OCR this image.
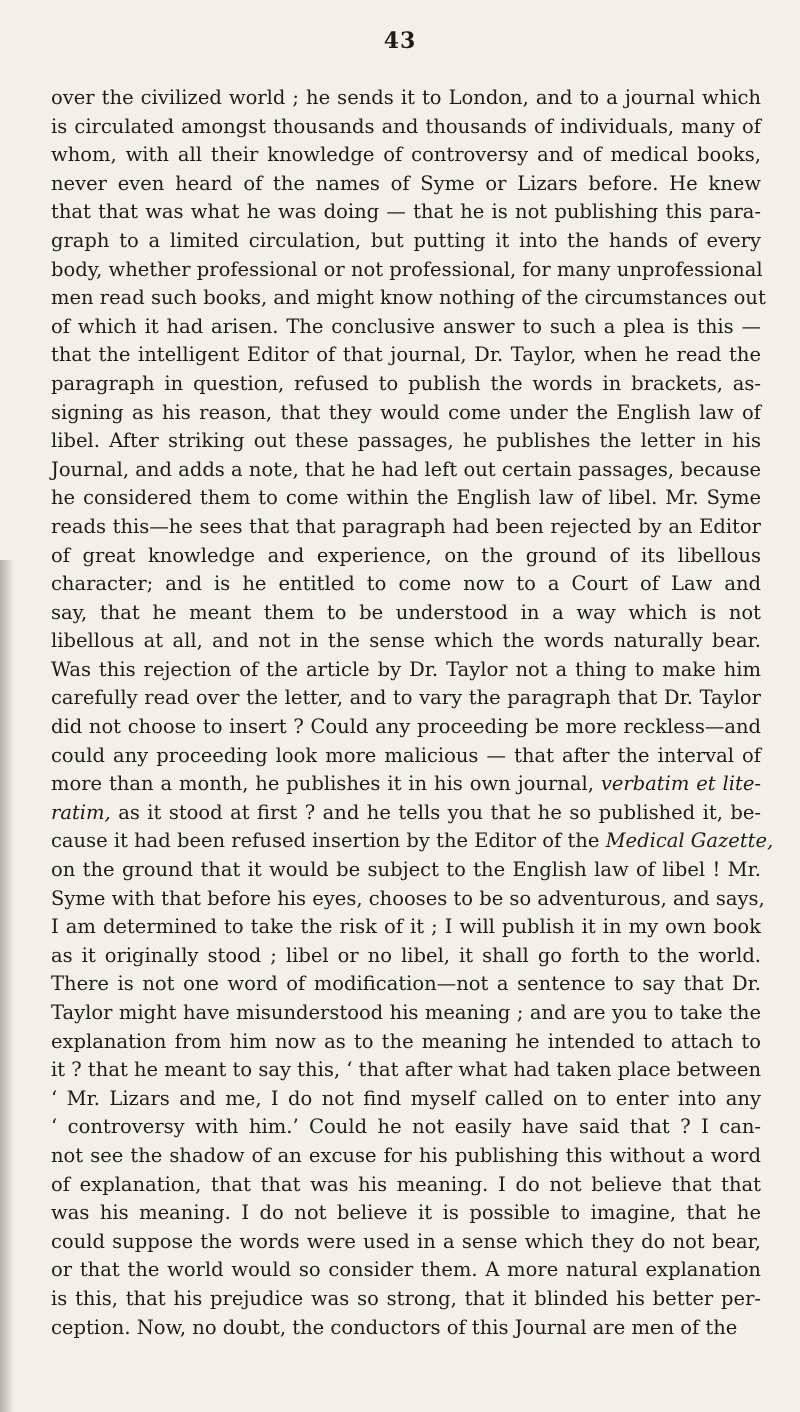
43
over the civilized world ; he sends it to London, and to a journal which
is circulated amongst thousands and thousands of individuals, many of
whom, with all their knowledge of controversy and of medical books,
never even heard of the names of Syme or Lizars before. He knew
that that was what he was doing — that he is not publishing this para-
graph to a limited circulation, but putting it into the hands of every
body, whether professional or not professional, for many unprofessional
men read such books, and might know nothing of the circumstances out
of which it had arisen. The conclusive answer to such a plea is this —
that the intelligent Editor of that journal, Dr. Taylor, when he read the
paragraph in question, refused to publish the words in brackets, as-
signing as his reason, that they would come under the English law of
libel. After striking out these passages, he publishes the letter in his
Journal, and adds a note, that he had left out certain passages, because
he considered them to come within the English law of libel. Mr. Syme
reads this—he sees that that paragraph had been rejected by an Editor
of great knowledge and experience, on the ground of its libellous
character; and is he entitled to come now to a Court of Law and
say, that he meant them to be understood in a way which is not
libellous at all, and not in the sense which the words naturally bear.
Was this rejection of the article by Dr. Taylor not a thing to make him
carefully read over the letter, and to vary the paragraph that Dr. Taylor
did not choose to insert ? Could any proceeding be more reckless—and
could any proceeding look more malicious — that after the interval of
more than a month, he publishes it in his own journal, verbatim et lite-
ratim, as it stood at first ? and he tells you that he so published it, be-
cause it had been refused insertion by the Editor of the Medical Gazette,
on the ground that it would be subject to the English law of libel ! Mr.
Syme with that before his eyes, chooses to be so adventurous, and says,
I am determined to take the risk of it ; I will publish it in my own book
as it originally stood ; libel or no libel, it shall go forth to the world.
There is not one word of modification—not a sentence to say that Dr.
Taylor might have misunderstood his meaning ; and are you to take the
explanation from him now as to the meaning he intended to attach to
it ? that he meant to say this, ‘ that after what had taken place between
‘ Mr. Lizars and me, I do not find myself called on to enter into any
‘ controversy with him.’ Could he not easily have said that ? I can-
not see the shadow of an excuse for his publishing this without a word
of explanation, that that was his meaning. I do not believe that that
was his meaning. I do not believe it is possible to imagine, that he
could suppose the words were used in a sense which they do not bear,
or that the world would so consider them. A more natural explanation
is this, that his prejudice was so strong, that it blinded his better per-
ception. Now, no doubt, the conductors of this Journal are men of the
